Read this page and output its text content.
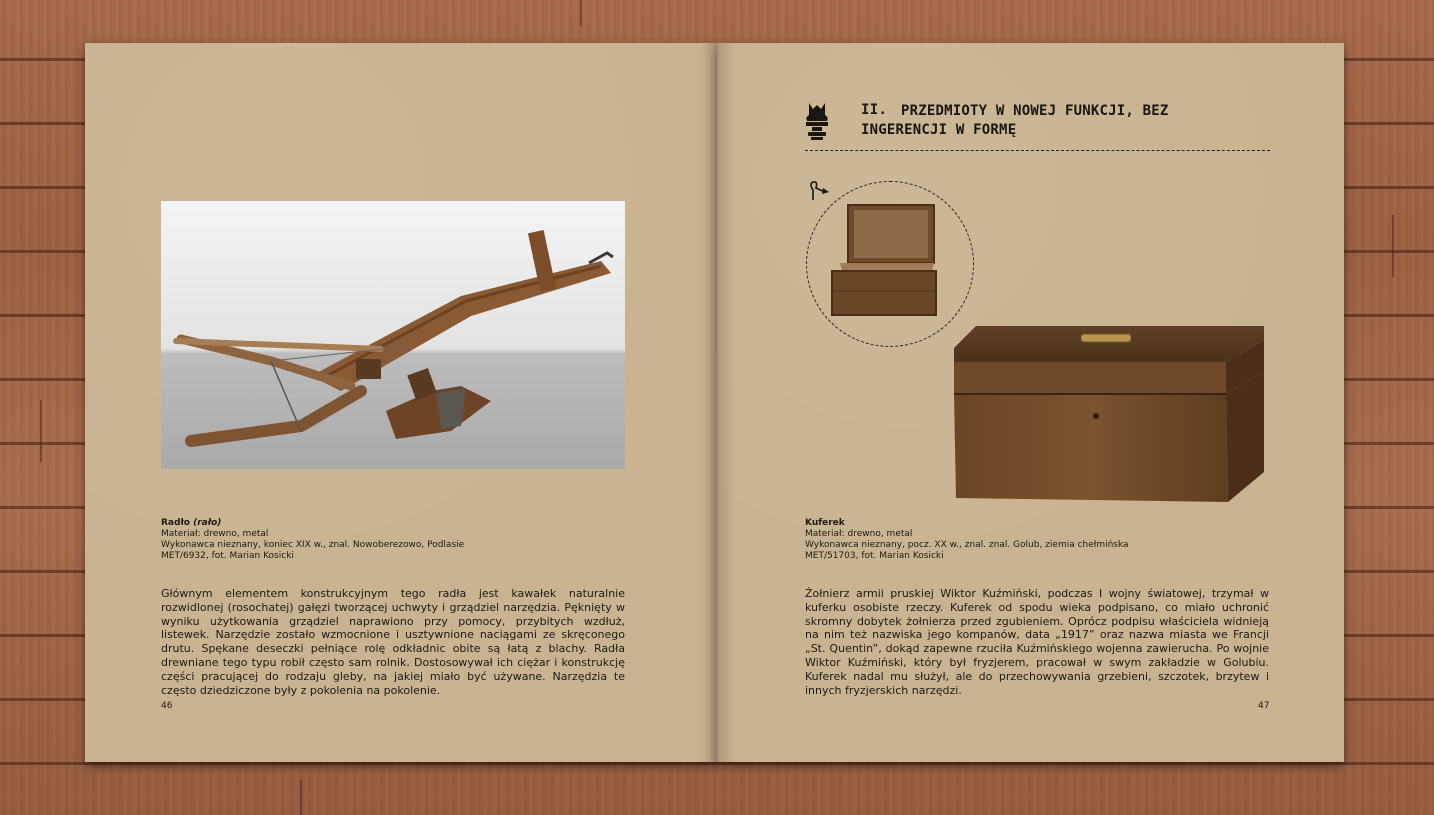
Radło (rało)
Materiał: drewno, metal
Wykonawca nieznany, koniec XIX w., znal. Nowoberezowo, Podlasie
MET/6932, fot. Marian Kosicki
Głównym elementem konstrukcyjnym tego radła jest kawałek naturalnie rozwidlonej (rosochatej) gałęzi tworzącej uchwyty i grządziel narzędzia. Pęknięty w wyniku użytkowania grządziel naprawiono przy pomocy, przybitych wzdłuż, listewek. Narzędzie zostało wzmocnione i usztywnione naciągami ze skręconego drutu. Spękane deseczki pełniące rolę odkładnic obite są łatą z blachy. Radła drewniane tego typu robił często sam rolnik. Dostosowywał ich ciężar i konstrukcję części pracującej do rodzaju gleby, na jakiej miało być używane. Narzędzia te często dziedziczone były z pokolenia na pokolenie.
46
II. PRZEDMIOTY W NOWEJ FUNKCJI, BEZ INGERENCJI W FORMĘ
Kuferek
Materiał: drewno, metal
Wykonawca nieznany, pocz. XX w., znal. znal. Golub, ziemia chełmińska
MET/51703, fot. Marian Kosicki
Żołnierz armii pruskiej Wiktor Kuźmiński, podczas I wojny światowej, trzymał w kuferku osobiste rzeczy. Kuferek od spodu wieka podpisano, co miało uchronić skromny dobytek żołnierza przed zgubieniem. Oprócz podpisu właściciela widnieją na nim też nazwiska jego kompanów, data „1917” oraz nazwa miasta we Francji „St. Quentin”, dokąd zapewne rzuciła Kuźmińskiego wojenna zawierucha. Po wojnie Wiktor Kuźmiński, który był fryzjerem, pracował w swym zakładzie w Golubiu. Kuferek nadal mu służył, ale do przechowywania grzebieni, szczotek, brzytew i innych fryzjerskich narzędzi.
47
